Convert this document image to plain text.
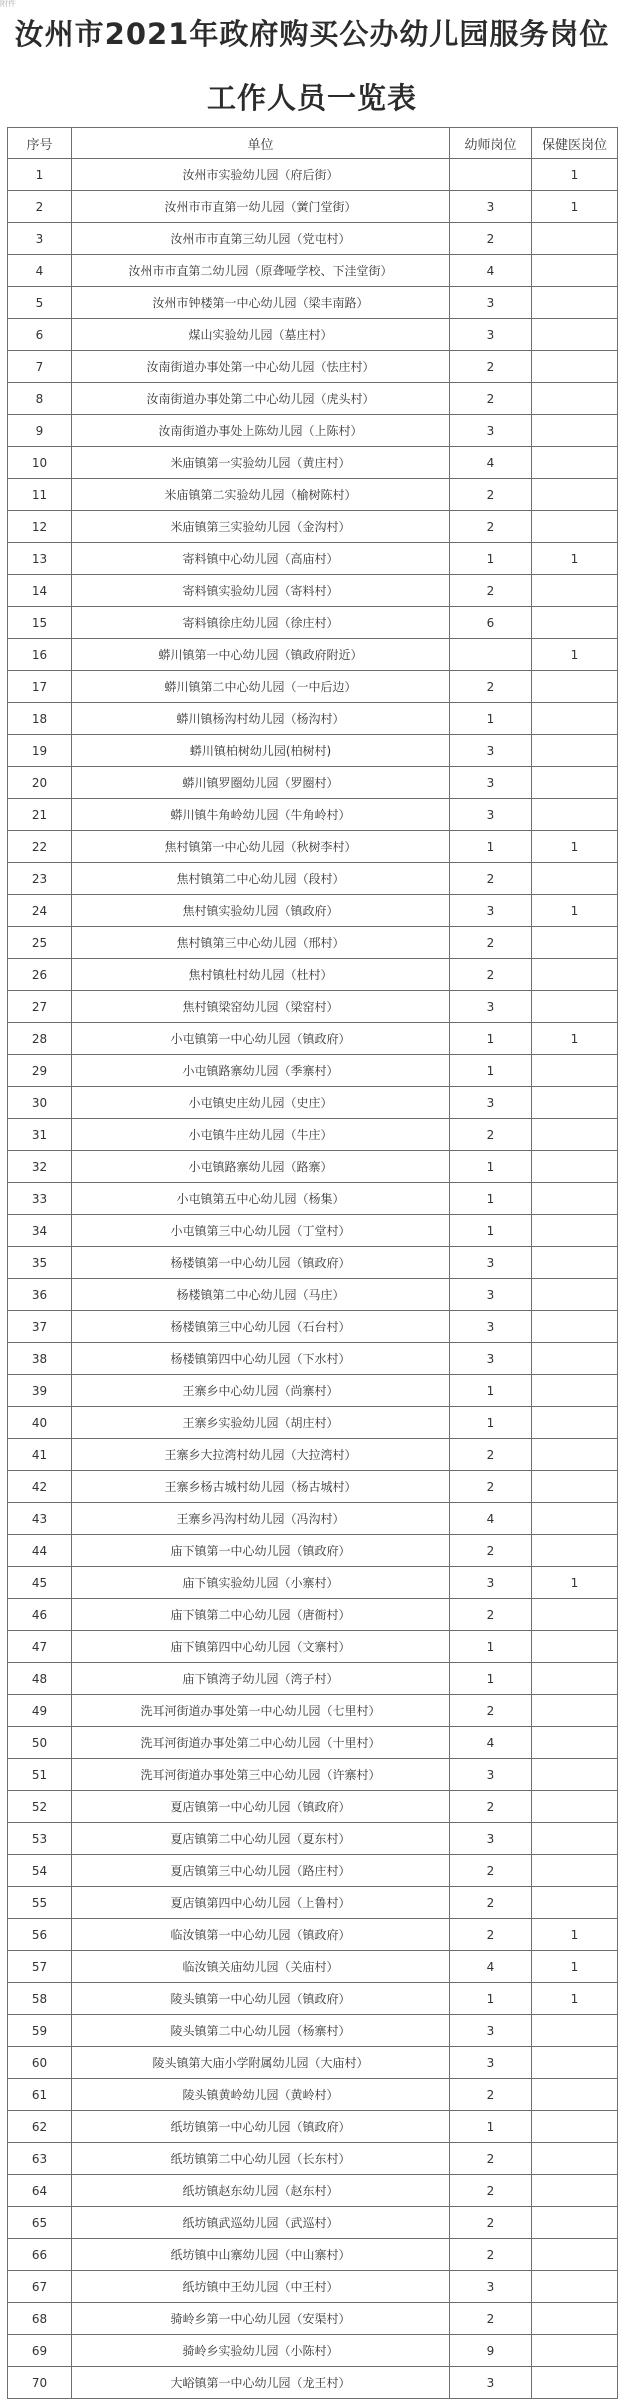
附件
汝州市2021年政府购买公办幼儿园服务岗位
工作人员一览表
序号	单位	幼师岗位	保健医岗位
1	汝州市实验幼儿园（府后街）		1
2	汝州市市直第一幼儿园（黉门堂街）	3	1
3	汝州市市直第三幼儿园（党屯村）	2	
4	汝州市市直第二幼儿园（原聋哑学校、下洼堂街）	4	
5	汝州市钟楼第一中心幼儿园（梁丰南路）	3	
6	煤山实验幼儿园（墓庄村）	3	
7	汝南街道办事处第一中心幼儿园（怯庄村）	2	
8	汝南街道办事处第二中心幼儿园（虎头村）	2	
9	汝南街道办事处上陈幼儿园（上陈村）	3	
10	米庙镇第一实验幼儿园（黄庄村）	4	
11	米庙镇第二实验幼儿园（榆树陈村）	2	
12	米庙镇第三实验幼儿园（金沟村）	2	
13	寄料镇中心幼儿园（高庙村）	1	1
14	寄料镇实验幼儿园（寄料村）	2	
15	寄料镇徐庄幼儿园（徐庄村）	6	
16	蟒川镇第一中心幼儿园（镇政府附近）		1
17	蟒川镇第二中心幼儿园（一中后边）	2	
18	蟒川镇杨沟村幼儿园（杨沟村）	1	
19	蟒川镇柏树幼儿园(柏树村)	3	
20	蟒川镇罗圈幼儿园（罗圈村）	3	
21	蟒川镇牛角岭幼儿园（牛角岭村）	3	
22	焦村镇第一中心幼儿园（秋树李村）	1	1
23	焦村镇第二中心幼儿园（段村）	2	
24	焦村镇实验幼儿园（镇政府）	3	1
25	焦村镇第三中心幼儿园（邢村）	2	
26	焦村镇杜村幼儿园（杜村）	2	
27	焦村镇梁窑幼儿园（梁窑村）	3	
28	小屯镇第一中心幼儿园（镇政府）	1	1
29	小屯镇路寨幼儿园（季寨村）	1	
30	小屯镇史庄幼儿园（史庄）	3	
31	小屯镇牛庄幼儿园（牛庄）	2	
32	小屯镇路寨幼儿园（路寨）	1	
33	小屯镇第五中心幼儿园（杨集）	1	
34	小屯镇第三中心幼儿园（丁堂村）	1	
35	杨楼镇第一中心幼儿园（镇政府）	3	
36	杨楼镇第二中心幼儿园（马庄）	3	
37	杨楼镇第三中心幼儿园（石台村）	3	
38	杨楼镇第四中心幼儿园（下水村）	3	
39	王寨乡中心幼儿园（尚寨村）	1	
40	王寨乡实验幼儿园（胡庄村）	1	
41	王寨乡大拉湾村幼儿园（大拉湾村）	2	
42	王寨乡杨古城村幼儿园（杨古城村）	2	
43	王寨乡冯沟村幼儿园（冯沟村）	4	
44	庙下镇第一中心幼儿园（镇政府）	2	
45	庙下镇实验幼儿园（小寨村）	3	1
46	庙下镇第二中心幼儿园（唐衙村）	2	
47	庙下镇第四中心幼儿园（文寨村）	1	
48	庙下镇湾子幼儿园（湾子村）	1	
49	洗耳河街道办事处第一中心幼儿园（七里村）	2	
50	洗耳河街道办事处第二中心幼儿园（十里村）	4	
51	洗耳河街道办事处第三中心幼儿园（许寨村）	3	
52	夏店镇第一中心幼儿园（镇政府）	2	
53	夏店镇第二中心幼儿园（夏东村）	3	
54	夏店镇第三中心幼儿园（路庄村）	2	
55	夏店镇第四中心幼儿园（上鲁村）	2	
56	临汝镇第一中心幼儿园（镇政府）	2	1
57	临汝镇关庙幼儿园（关庙村）	4	1
58	陵头镇第一中心幼儿园（镇政府）	1	1
59	陵头镇第二中心幼儿园（杨寨村）	3	
60	陵头镇第大庙小学附属幼儿园（大庙村）	3	
61	陵头镇黄岭幼儿园（黄岭村）	2	
62	纸坊镇第一中心幼儿园（镇政府）	1	
63	纸坊镇第二中心幼儿园（长东村）	2	
64	纸坊镇赵东幼儿园（赵东村）	2	
65	纸坊镇武巡幼儿园（武巡村）	2	
66	纸坊镇中山寨幼儿园（中山寨村）	2	
67	纸坊镇中王幼儿园（中王村）	3	
68	骑岭乡第一中心幼儿园（安渠村）	2	
69	骑岭乡实验幼儿园（小陈村）	9	
70	大峪镇第一中心幼儿园（龙王村）	3	
